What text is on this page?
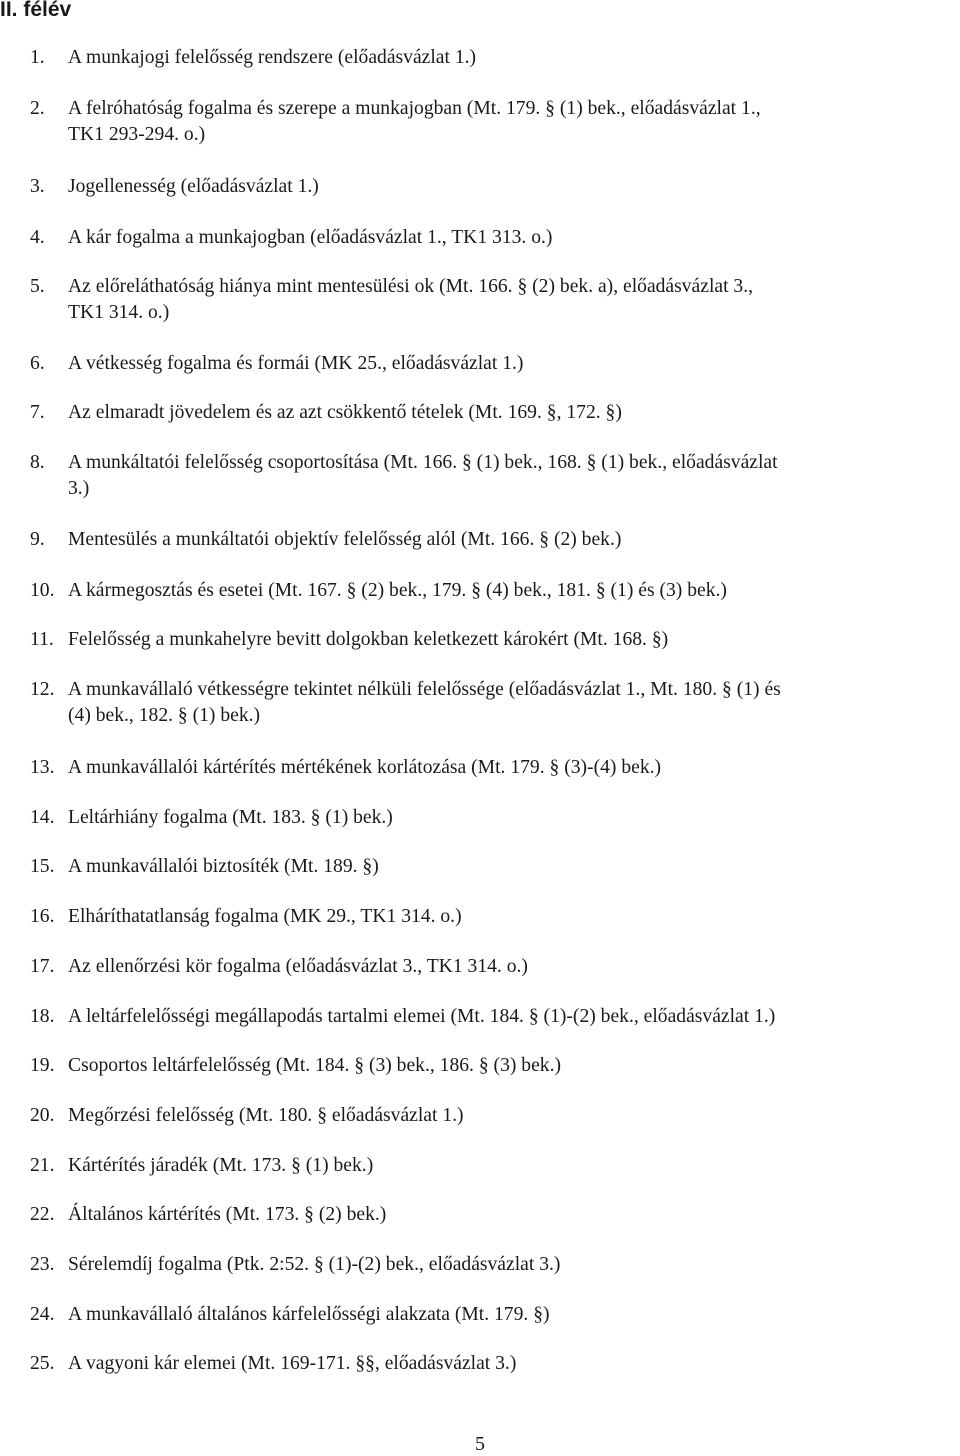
II. félév
1. A munkajogi felelősség rendszere (előadásvázlat 1.)
2. A felróhatóság fogalma és szerepe a munkajogban (Mt. 179. § (1) bek., előadásvázlat 1.,
TK1 293-294. o.)
3. Jogellenesség (előadásvázlat 1.)
4. A kár fogalma a munkajogban (előadásvázlat 1., TK1 313. o.)
5. Az előreláthatóság hiánya mint mentesülési ok (Mt. 166. § (2) bek. a), előadásvázlat 3.,
TK1 314. o.)
6. A vétkesség fogalma és formái (MK 25., előadásvázlat 1.)
7. Az elmaradt jövedelem és az azt csökkentő tételek (Mt. 169. §, 172. §)
8. A munkáltatói felelősség csoportosítása (Mt. 166. § (1) bek., 168. § (1) bek., előadásvázlat
3.)
9. Mentesülés a munkáltatói objektív felelősség alól (Mt. 166. § (2) bek.)
10. A kármegosztás és esetei (Mt. 167. § (2) bek., 179. § (4) bek., 181. § (1) és (3) bek.)
11. Felelősség a munkahelyre bevitt dolgokban keletkezett károkért (Mt. 168. §)
12. A munkavállaló vétkességre tekintet nélküli felelőssége (előadásvázlat 1., Mt. 180. § (1) és
(4) bek., 182. § (1) bek.)
13. A munkavállalói kártérítés mértékének korlátozása (Mt. 179. § (3)-(4) bek.)
14. Leltárhiány fogalma (Mt. 183. § (1) bek.)
15. A munkavállalói biztosíték (Mt. 189. §)
16. Elháríthatatlanság fogalma (MK 29., TK1 314. o.)
17. Az ellenőrzési kör fogalma (előadásvázlat 3., TK1 314. o.)
18. A leltárfelelősségi megállapodás tartalmi elemei (Mt. 184. § (1)-(2) bek., előadásvázlat 1.)
19. Csoportos leltárfelelősség (Mt. 184. § (3) bek., 186. § (3) bek.)
20. Megőrzési felelősség (Mt. 180. § előadásvázlat 1.)
21. Kártérítés járadék (Mt. 173. § (1) bek.)
22. Általános kártérítés (Mt. 173. § (2) bek.)
23. Sérelemdíj fogalma (Ptk. 2:52. § (1)-(2) bek., előadásvázlat 3.)
24. A munkavállaló általános kárfelelősségi alakzata (Mt. 179. §)
25. A vagyoni kár elemei (Mt. 169-171. §§, előadásvázlat 3.)
5
